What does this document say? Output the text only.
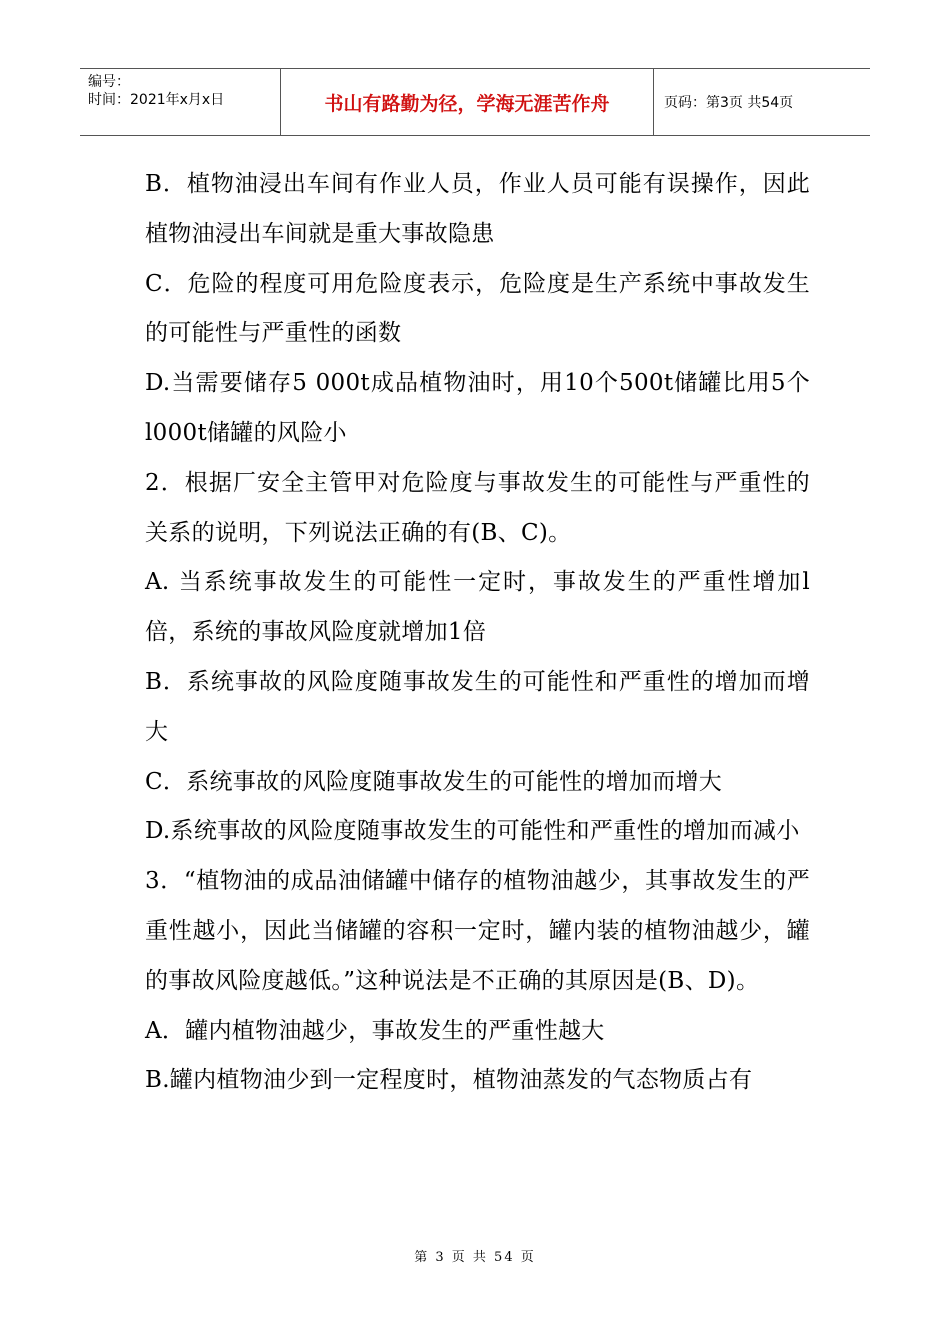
编号：
时间：2021年x月x日	书山有路勤为径，学海无涯苦作舟	页码：第3页 共54页

B．植物油浸出车间有作业人员，作业人员可能有误操作，因此植物油浸出车间就是重大事故隐患

C．危险的程度可用危险度表示，危险度是生产系统中事故发生的可能性与严重性的函数

D.当需要储存5 000t成品植物油时，用10个500t储罐比用5个l000t储罐的风险小

2．根据厂安全主管甲对危险度与事故发生的可能性与严重性的关系的说明，下列说法正确的有(B、C)。

A. 当系统事故发生的可能性一定时，事故发生的严重性增加l倍，系统的事故风险度就增加1倍

B．系统事故的风险度随事故发生的可能性和严重性的增加而增大

C．系统事故的风险度随事故发生的可能性的增加而增大

D.系统事故的风险度随事故发生的可能性和严重性的增加而减小

3．“植物油的成品油储罐中储存的植物油越少，其事故发生的严重性越小，因此当储罐的容积一定时，罐内装的植物油越少，罐的事故风险度越低。”这种说法是不正确的其原因是(B、D)。

A．罐内植物油越少，事故发生的严重性越大

B.罐内植物油少到一定程度时，植物油蒸发的气态物质占有

第 3 页 共 54 页
